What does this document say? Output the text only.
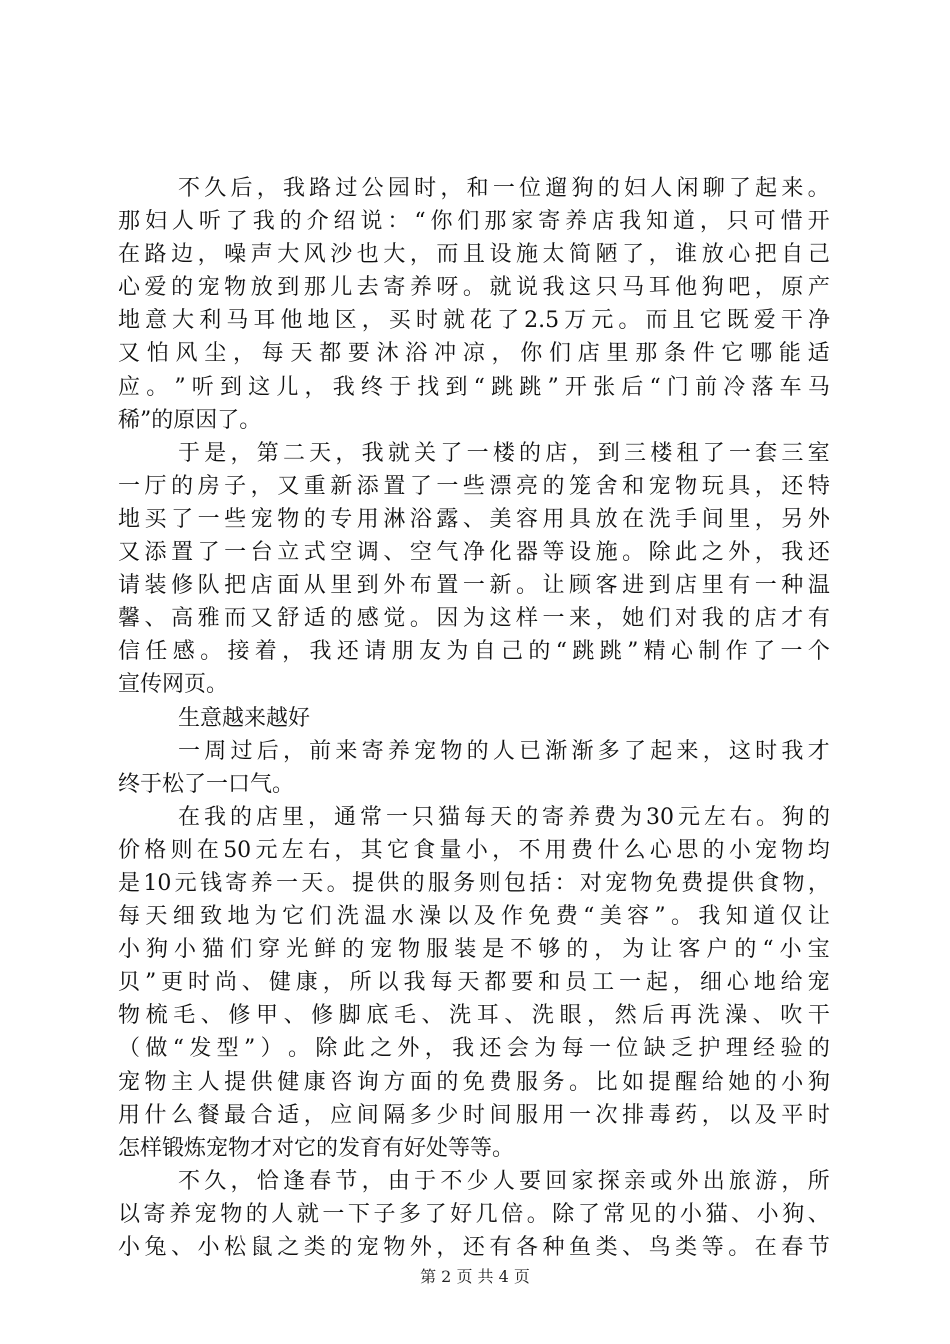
不 久 后 ， 我 路 过 公 园 时 ， 和 一 位 遛 狗 的 妇 人 闲 聊 了 起 来 。
那 妇 人 听 了 我 的 介 绍 说 ： “ 你 们 那 家 寄 养 店 我 知 道 ， 只 可 惜 开
在 路 边 ， 噪 声 大 风 沙 也 大 ， 而 且 设 施 太 简 陋 了 ， 谁 放 心 把 自 己
心 爱 的 宠 物 放 到 那 儿 去 寄 养 呀 。 就 说 我 这 只 马 耳 他 狗 吧 ， 原 产
地 意 大 利 马 耳 他 地 区 ， 买 时 就 花 了 2.5 万 元 。 而 且 它 既 爱 干 净
又 怕 风 尘 ， 每 天 都 要 沐 浴 冲 凉 ， 你 们 店 里 那 条 件 它 哪 能 适
应 。 ” 听 到 这 儿 ， 我 终 于 找 到 “ 跳 跳 ” 开 张 后 “ 门 前 冷 落 车 马
稀”的原因了。
于 是 ， 第 二 天 ， 我 就 关 了 一 楼 的 店 ， 到 三 楼 租 了 一 套 三 室
一 厅 的 房 子 ， 又 重 新 添 置 了 一 些 漂 亮 的 笼 舍 和 宠 物 玩 具 ， 还 特
地 买 了 一 些 宠 物 的 专 用 淋 浴 露 、 美 容 用 具 放 在 洗 手 间 里 ， 另 外
又 添 置 了 一 台 立 式 空 调 、 空 气 净 化 器 等 设 施 。 除 此 之 外 ， 我 还
请 装 修 队 把 店 面 从 里 到 外 布 置 一 新 。 让 顾 客 进 到 店 里 有 一 种 温
馨 、 高 雅 而 又 舒 适 的 感 觉 。 因 为 这 样 一 来 ， 她 们 对 我 的 店 才 有
信 任 感 。 接 着 ， 我 还 请 朋 友 为 自 己 的 “ 跳 跳 ” 精 心 制 作 了 一 个
宣传网页。
生意越来越好
一 周 过 后 ， 前 来 寄 养 宠 物 的 人 已 渐 渐 多 了 起 来 ， 这 时 我 才
终于松了一口气。
在 我 的 店 里 ， 通 常 一 只 猫 每 天 的 寄 养 费 为 30 元 左 右 。 狗 的
价 格 则 在 50 元 左 右 ， 其 它 食 量 小 ， 不 用 费 什 么 心 思 的 小 宠 物 均
是 10 元 钱 寄 养 一 天 。 提 供 的 服 务 则 包 括 ： 对 宠 物 免 费 提 供 食 物 ，
每 天 细 致 地 为 它 们 洗 温 水 澡 以 及 作 免 费 “ 美 容 ” 。 我 知 道 仅 让
小 狗 小 猫 们 穿 光 鲜 的 宠 物 服 装 是 不 够 的 ， 为 让 客 户 的 “ 小 宝
贝 ” 更 时 尚 、 健 康 ， 所 以 我 每 天 都 要 和 员 工 一 起 ， 细 心 地 给 宠
物 梳 毛 、 修 甲 、 修 脚 底 毛 、 洗 耳 、 洗 眼 ， 然 后 再 洗 澡 、 吹 干
（ 做 “ 发 型 ” ） 。 除 此 之 外 ， 我 还 会 为 每 一 位 缺 乏 护 理 经 验 的
宠 物 主 人 提 供 健 康 咨 询 方 面 的 免 费 服 务 。 比 如 提 醒 给 她 的 小 狗
用 什 么 餐 最 合 适 ， 应 间 隔 多 少 时 间 服 用 一 次 排 毒 药 ， 以 及 平 时
怎样锻炼宠物才对它的发育有好处等等。
不 久 ， 恰 逢 春 节 ， 由 于 不 少 人 要 回 家 探 亲 或 外 出 旅 游 ， 所
以 寄 养 宠 物 的 人 就 一 下 子 多 了 好 几 倍 。 除 了 常 见 的 小 猫 、 小 狗 、
小 兔 、 小 松 鼠 之 类 的 宠 物 外 ， 还 有 各 种 鱼 类 、 鸟 类 等 。 在 春 节
第 2 页 共 4 页
